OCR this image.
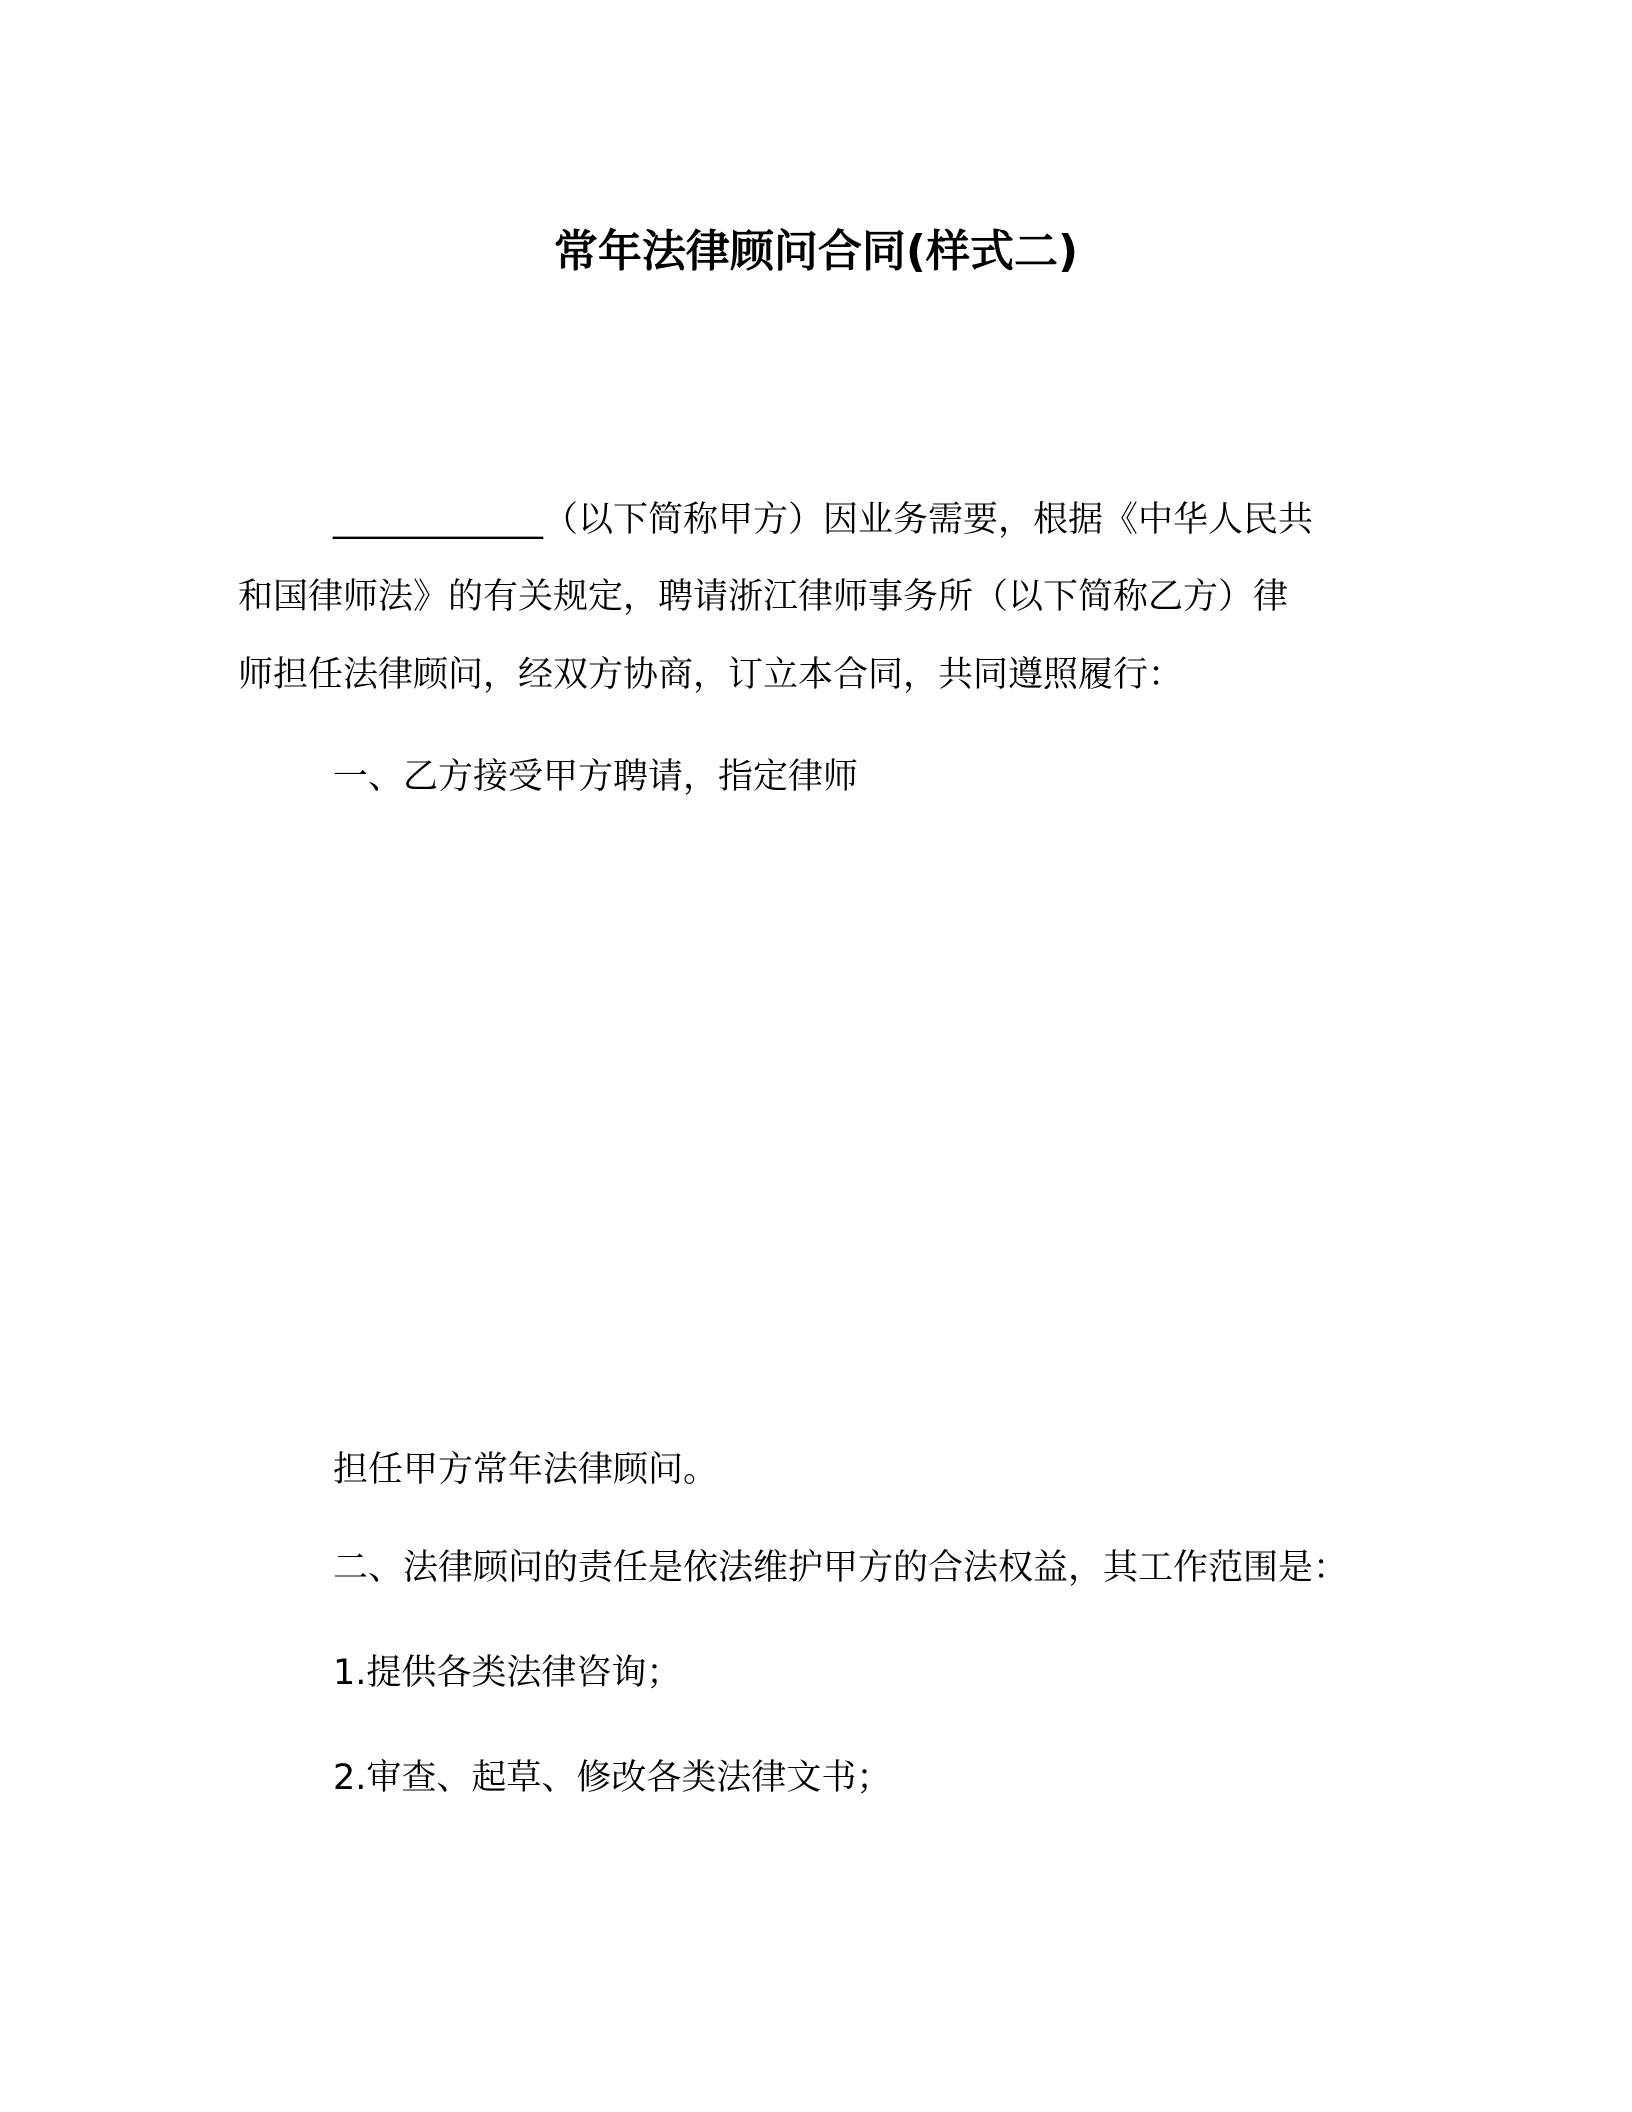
常年法律顾问合同(样式二)
____________（以下简称甲方）因业务需要，根据《中华人民共
和国律师法》的有关规定，聘请浙江律师事务所（以下简称乙方）律
师担任法律顾问，经双方协商，订立本合同，共同遵照履行：
一、乙方接受甲方聘请，指定律师
担任甲方常年法律顾问。
二、法律顾问的责任是依法维护甲方的合法权益，其工作范围是：
1.提供各类法律咨询；
2.审查、起草、修改各类法律文书；
